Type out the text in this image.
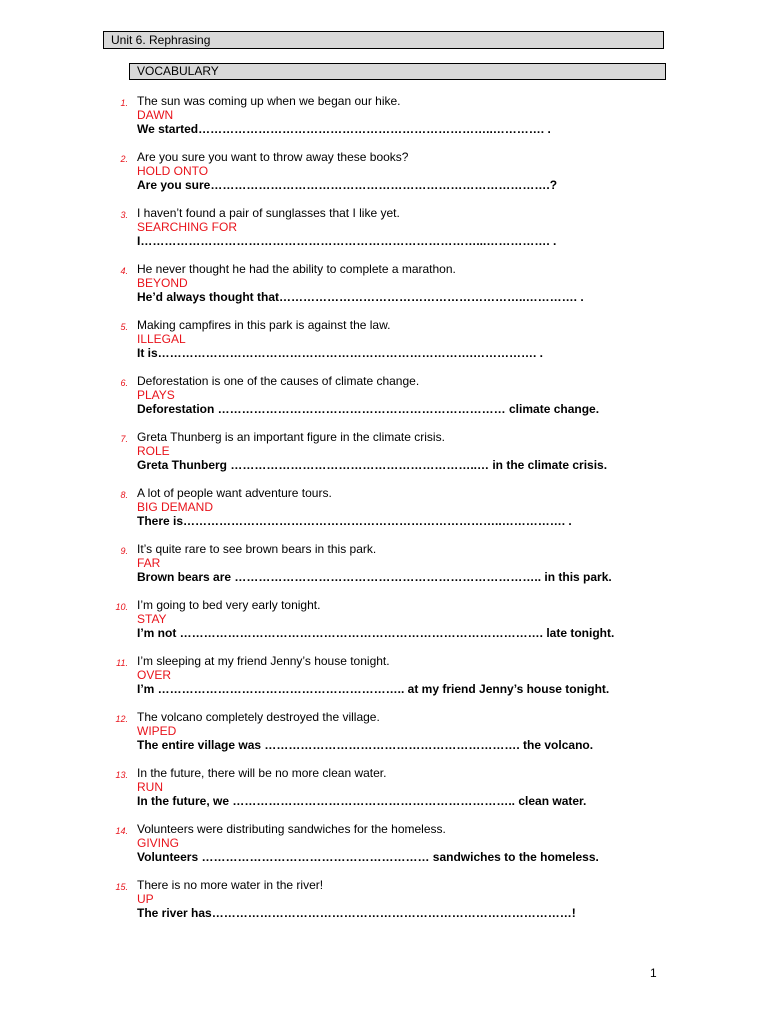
Unit 6. Rephrasing
VOCABULARY
1. The sun was coming up when we began our hike.
DAWN
We started………………………………………………………………..…………. .
2. Are you sure you want to throw away these books?
HOLD ONTO
Are you sure………………………………………………………………………….?
3. I haven’t found a pair of sunglasses that I like yet.
SEARCHING FOR
I…………………………………………………………………………...……………. .
4. He never thought he had the ability to complete a marathon.
BEYOND
He’d always thought that……………………………………………………..…………. .
5. Making campfires in this park is against the law.
ILLEGAL
It is…………………………………………………………………….……………. .
6. Deforestation is one of the causes of climate change.
PLAYS
Deforestation ……………………………………………………………… climate change.
7. Greta Thunberg is an important figure in the climate crisis.
ROLE
Greta Thunberg ……………………………………………………..… in the climate crisis.
8. A lot of people want adventure tours.
BIG DEMAND
There is……………………………………………………………………..……………. .
9. It’s quite rare to see brown bears in this park.
FAR
Brown bears are ………………………………………………………………….. in this park.
10. I’m going to bed very early tonight.
STAY
I’m not ………………………………………………………………………………. late tonight.
11. I’m sleeping at my friend Jenny’s house tonight.
OVER
I’m …………………………………………………….. at my friend Jenny’s house tonight.
12. The volcano completely destroyed the village.
WIPED
The entire village was ………………………………………………………. the volcano.
13. In the future, there will be no more clean water.
RUN
In the future, we …………………………………………………………….. clean water.
14. Volunteers were distributing sandwiches for the homeless.
GIVING
Volunteers ………………………………………………… sandwiches to the homeless.
15. There is no more water in the river!
UP
The river has………………………………………………………………………………!
1
